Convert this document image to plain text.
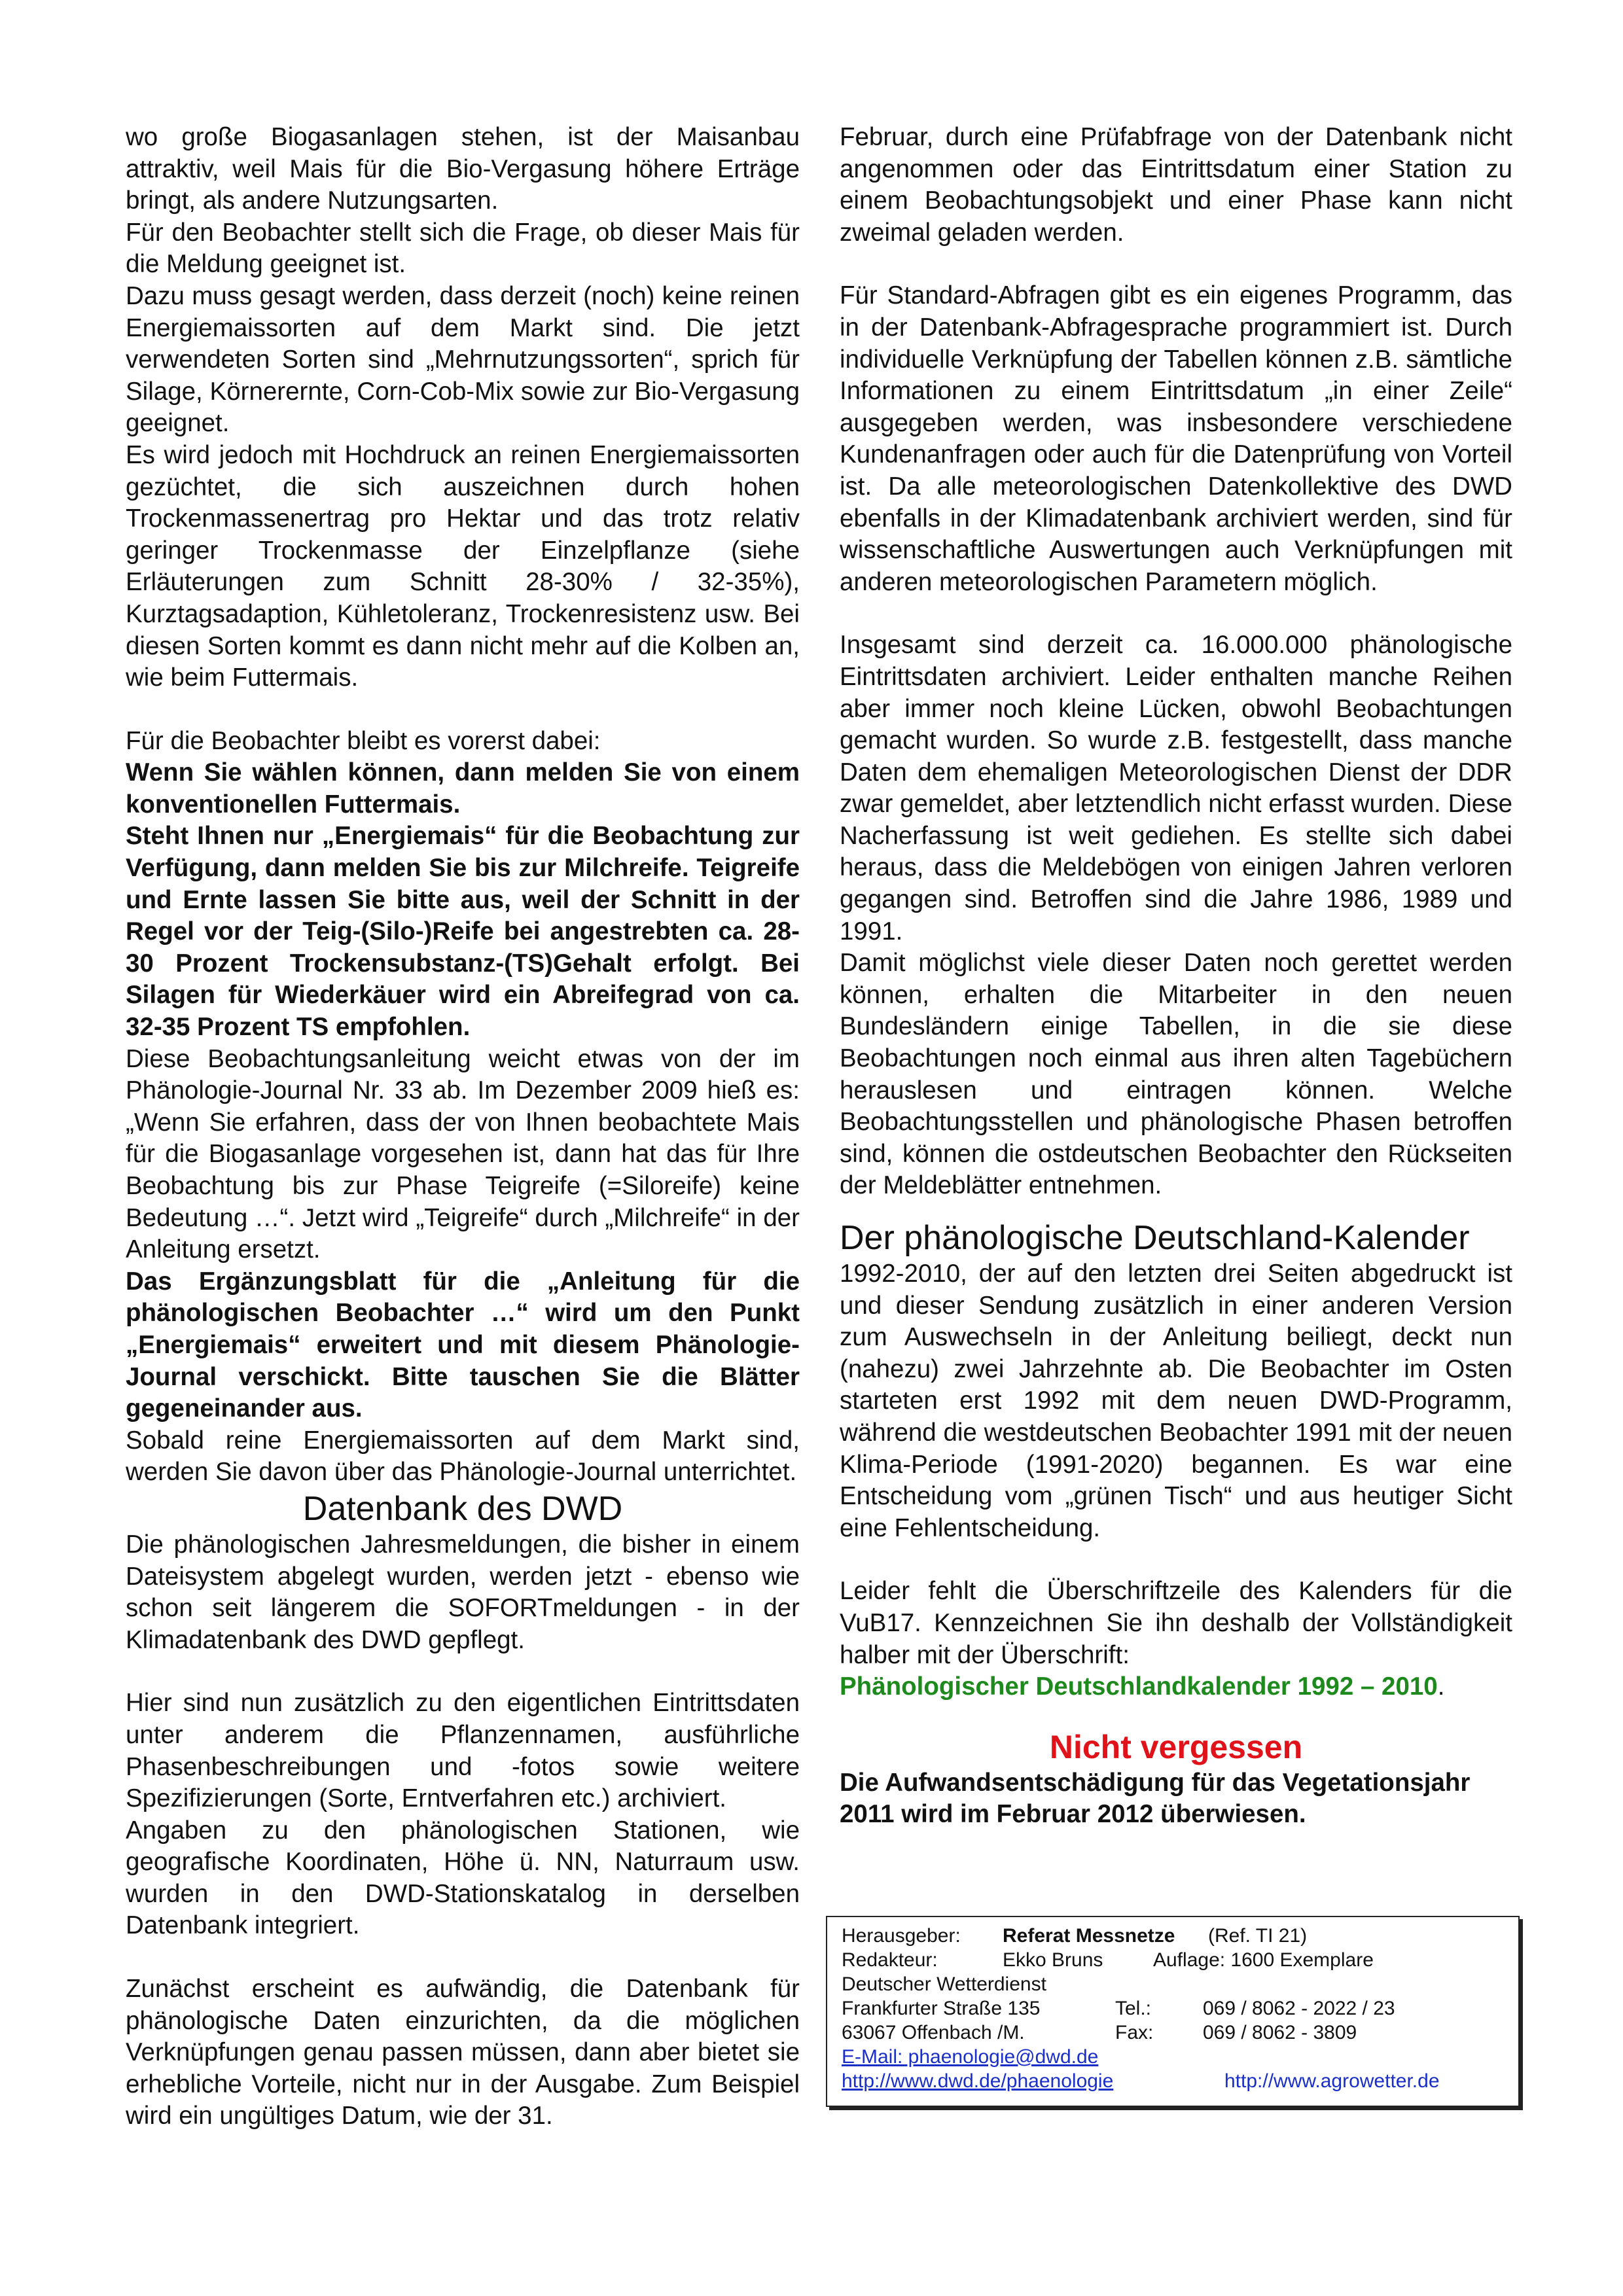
wo große Biogasanlagen stehen, ist der Maisanbau attraktiv, weil Mais für die Bio-Vergasung höhere Erträge bringt, als andere Nutzungsarten.

Für den Beobachter stellt sich die Frage, ob dieser Mais für die Meldung geeignet ist.

Dazu muss gesagt werden, dass derzeit (noch) keine reinen Energiemaissorten auf dem Markt sind. Die jetzt verwendeten Sorten sind „Mehrnutzungssorten“, sprich für Silage, Körnerernte, Corn-Cob-Mix sowie zur Bio-Vergasung geeignet.

Es wird jedoch mit Hochdruck an reinen Energiemaissorten gezüchtet, die sich auszeichnen durch hohen Trockenmassenertrag pro Hektar und das trotz relativ geringer Trockenmasse der Einzelpflanze (siehe Erläuterungen zum Schnitt 28-30% / 32-35%), Kurztagsadaption, Kühletoleranz, Trockenresistenz usw. Bei diesen Sorten kommt es dann nicht mehr auf die Kolben an, wie beim Futtermais.

Für die Beobachter bleibt es vorerst dabei:

Wenn Sie wählen können, dann melden Sie von einem konventionellen Futtermais.

Steht Ihnen nur „Energiemais“ für die Beobachtung zur Verfügung, dann melden Sie bis zur Milchreife. Teigreife und Ernte lassen Sie bitte aus, weil der Schnitt in der Regel vor der Teig-(Silo-)Reife bei angestrebten ca. 28-30 Prozent Trockensubstanz-(TS)Gehalt erfolgt. Bei Silagen für Wiederkäuer wird ein Abreifegrad von ca. 32-35 Prozent TS empfohlen.

Diese Beobachtungsanleitung weicht etwas von der im Phänologie-Journal Nr. 33 ab. Im Dezember 2009 hieß es: „Wenn Sie erfahren, dass der von Ihnen beobachtete Mais für die Biogasanlage vorgesehen ist, dann hat das für Ihre Beobachtung bis zur Phase Teigreife (=Siloreife) keine Bedeutung …“. Jetzt wird „Teigreife“ durch „Milchreife“ in der Anleitung ersetzt.

Das Ergänzungsblatt für die „Anleitung für die phänologischen Beobachter …“ wird um den Punkt „Energiemais“ erweitert und mit diesem Phänologie-Journal verschickt. Bitte tauschen Sie die Blätter gegeneinander aus.

Sobald reine Energiemaissorten auf dem Markt sind, werden Sie davon über das Phänologie-Journal unterrichtet.

Datenbank des DWD

Die phänologischen Jahresmeldungen, die bisher in einem Dateisystem abgelegt wurden, werden jetzt - ebenso wie schon seit längerem die SOFORTmeldungen - in der Klimadatenbank des DWD gepflegt.

Hier sind nun zusätzlich zu den eigentlichen Eintrittsdaten unter anderem die Pflanzennamen, ausführliche Phasenbeschreibungen und -fotos sowie weitere Spezifizierungen (Sorte, Erntverfahren etc.) archiviert.

Angaben zu den phänologischen Stationen, wie geografische Koordinaten, Höhe ü. NN, Naturraum usw. wurden in den DWD-Stationskatalog in derselben Datenbank integriert.

Zunächst erscheint es aufwändig, die Datenbank für phänologische Daten einzurichten, da die möglichen Verknüpfungen genau passen müssen, dann aber bietet sie erhebliche Vorteile, nicht nur in der Ausgabe. Zum Beispiel wird ein ungültiges Datum, wie der 31.

Februar, durch eine Prüfabfrage von der Datenbank nicht angenommen oder das Eintrittsdatum einer Station zu einem Beobachtungsobjekt und einer Phase kann nicht zweimal geladen werden.

Für Standard-Abfragen gibt es ein eigenes Programm, das in der Datenbank-Abfragesprache programmiert ist. Durch individuelle Verknüpfung der Tabellen können z.B. sämtliche Informationen zu einem Eintrittsdatum „in einer Zeile“ ausgegeben werden, was insbesondere verschiedene Kundenanfragen oder auch für die Datenprüfung von Vorteil ist. Da alle meteorologischen Datenkollektive des DWD ebenfalls in der Klimadatenbank archiviert werden, sind für wissenschaftliche Auswertungen auch Verknüpfungen mit anderen meteorologischen Parametern möglich.

Insgesamt sind derzeit ca. 16.000.000 phänologische Eintrittsdaten archiviert. Leider enthalten manche Reihen aber immer noch kleine Lücken, obwohl Beobachtungen gemacht wurden. So wurde z.B. festgestellt, dass manche Daten dem ehemaligen Meteorologischen Dienst der DDR zwar gemeldet, aber letztendlich nicht erfasst wurden. Diese Nacherfassung ist weit gediehen. Es stellte sich dabei heraus, dass die Meldebögen von einigen Jahren verloren gegangen sind. Betroffen sind die Jahre 1986, 1989 und 1991.

Damit möglichst viele dieser Daten noch gerettet werden können, erhalten die Mitarbeiter in den neuen Bundesländern einige Tabellen, in die sie diese Beobachtungen noch einmal aus ihren alten Tagebüchern herauslesen und eintragen können. Welche Beobachtungsstellen und phänologische Phasen betroffen sind, können die ostdeutschen Beobachter den Rückseiten der Meldeblätter entnehmen.

Der phänologische Deutschland-Kalender

1992-2010, der auf den letzten drei Seiten abgedruckt ist und dieser Sendung zusätzlich in einer anderen Version zum Auswechseln in der Anleitung beiliegt, deckt nun (nahezu) zwei Jahrzehnte ab. Die Beobachter im Osten starteten erst 1992 mit dem neuen DWD-Programm, während die westdeutschen Beobachter 1991 mit der neuen Klima-Periode (1991-2020) begannen. Es war eine Entscheidung vom „grünen Tisch“ und aus heutiger Sicht eine Fehlentscheidung.

Leider fehlt die Überschriftzeile des Kalenders für die VuB17. Kennzeichnen Sie ihn deshalb der Vollständigkeit halber mit der Überschrift:
Phänologischer Deutschlandkalender 1992 – 2010.

Nicht vergessen

Die Aufwandsentschädigung für das Vegetationsjahr 2011 wird im Februar 2012 überwiesen.

Herausgeber: Referat Messnetze (Ref. TI 21)
Redakteur:	Ekko Bruns	Auflage: 1600 Exemplare
Deutscher Wetterdienst
Frankfurter Straße 135	Tel.:	069 / 8062 - 2022 / 23
63067 Offenbach /M.	Fax:	069 / 8062 - 3809
E-Mail: phaenologie@dwd.de
http://www.dwd.de/phaenologie	http://www.agrowetter.de
